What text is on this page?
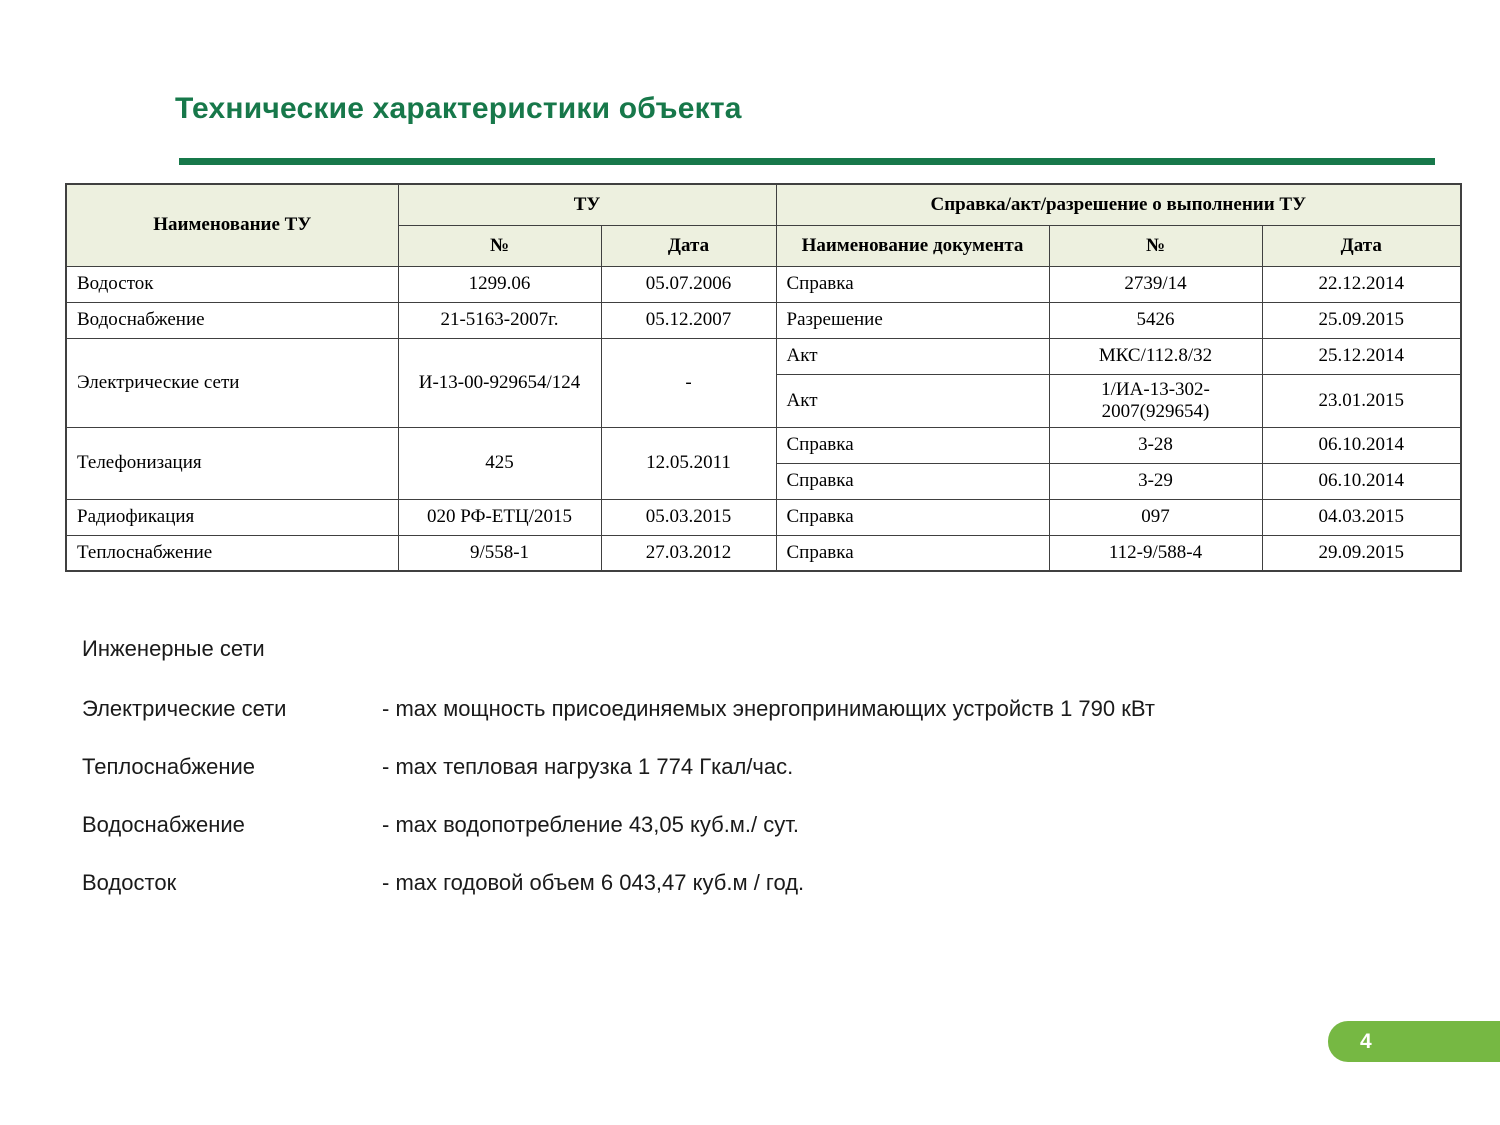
Технические характеристики объекта
Наименование ТУ	ТУ		Справка/акт/разрешение о выполнении ТУ		
	№	Дата	Наименование документа	№	Дата
Водосток	1299.06	05.07.2006	Справка	2739/14	22.12.2014
Водоснабжение	21-5163-2007г.	05.12.2007	Разрешение	5426	25.09.2015
Электрические сети	И-13-00-929654/124	-	Акт	МКС/112.8/32	25.12.2014
			Акт	1/ИА-13-302-2007(929654)	23.01.2015
Телефонизация	425	12.05.2011	Справка	3-28	06.10.2014
			Справка	3-29	06.10.2014
Радиофикация	020 РФ-ЕТЦ/2015	05.03.2015	Справка	097	04.03.2015
Теплоснабжение	9/558-1	27.03.2012	Справка	112-9/588-4	29.09.2015
Инженерные сети
Электрические сети	- max мощность присоединяемых энергопринимающих устройств 1 790 кВт
Теплоснабжение	- max тепловая нагрузка 1 774 Гкал/час.
Водоснабжение	- max водопотребление 43,05 куб.м./ сут.
Водосток	- max годовой объем 6 043,47 куб.м / год.
4
